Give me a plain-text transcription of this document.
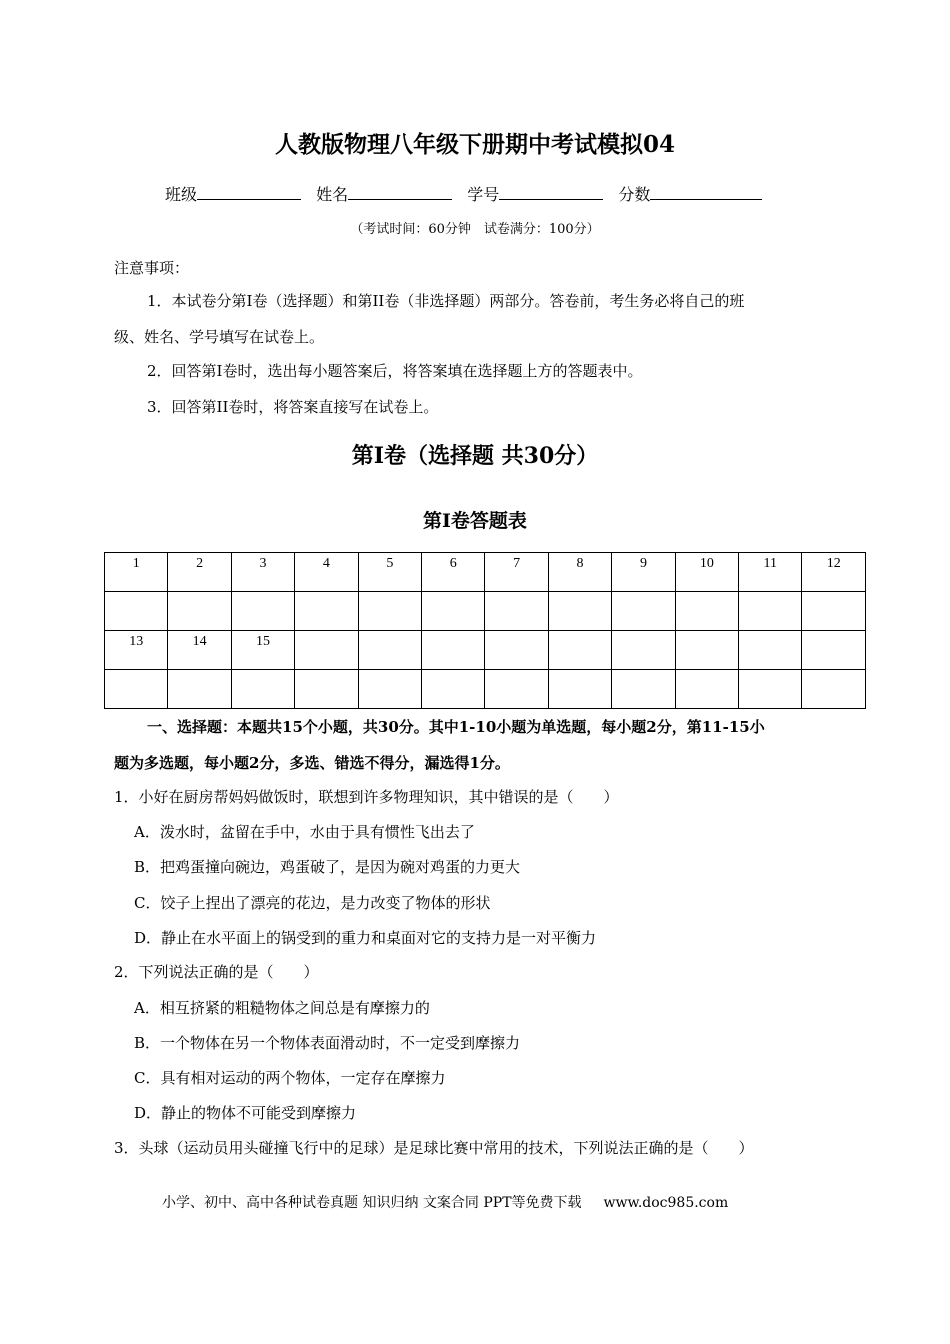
人教版物理八年级下册期中考试模拟04
班级	姓名	学号	分数
（考试时间：60分钟　试卷满分：100分）
注意事项：
1．本试卷分第I卷（选择题）和第II卷（非选择题）两部分。答卷前，考生务必将自己的班
级、姓名、学号填写在试卷上。
2．回答第I卷时，选出每小题答案后，将答案填在选择题上方的答题表中。
3．回答第II卷时，将答案直接写在试卷上。
第I卷（选择题 共30分）
第I卷答题表
1	2	3	4	5	6	7	8	9	10	11	12

13	14	15									

一、选择题：本题共15个小题，共30分。其中1-10小题为单选题，每小题2分，第11-15小
题为多选题，每小题2分，多选、错选不得分，漏选得1分。
1．小好在厨房帮妈妈做饭时，联想到许多物理知识，其中错误的是（　　）
A．泼水时，盆留在手中，水由于具有惯性飞出去了
B．把鸡蛋撞向碗边，鸡蛋破了，是因为碗对鸡蛋的力更大
C．饺子上捏出了漂亮的花边，是力改变了物体的形状
D．静止在水平面上的锅受到的重力和桌面对它的支持力是一对平衡力
2．下列说法正确的是（　　）
A．相互挤紧的粗糙物体之间总是有摩擦力的
B．一个物体在另一个物体表面滑动时，不一定受到摩擦力
C．具有相对运动的两个物体，一定存在摩擦力
D．静止的物体不可能受到摩擦力
3．头球（运动员用头碰撞飞行中的足球）是足球比赛中常用的技术，下列说法正确的是（　　）
小学、初中、高中各种试卷真题 知识归纳 文案合同 PPT等免费下载 www.doc985.com
